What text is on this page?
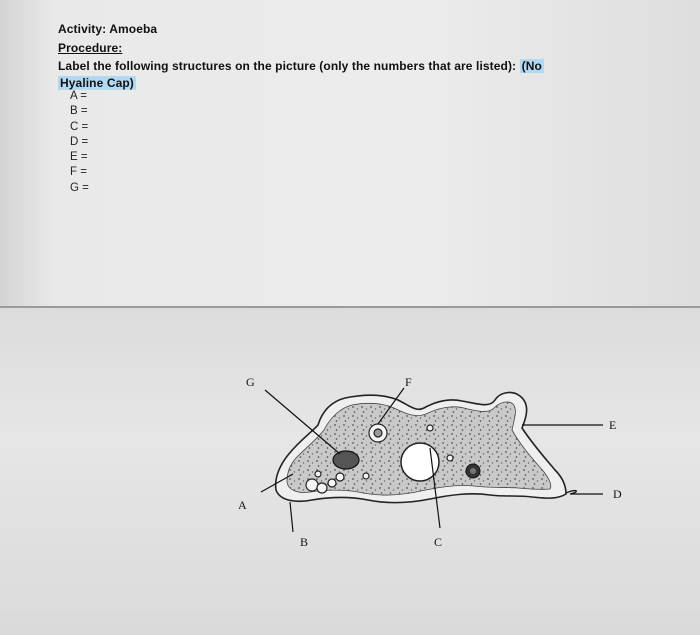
Activity: Amoeba
Procedure:
Label the following structures on the picture (only the numbers that are listed): (No
Hyaline Cap)
A =
B =
C =
D =
E =
F =
G =
G	F
E
D
A
B	C
